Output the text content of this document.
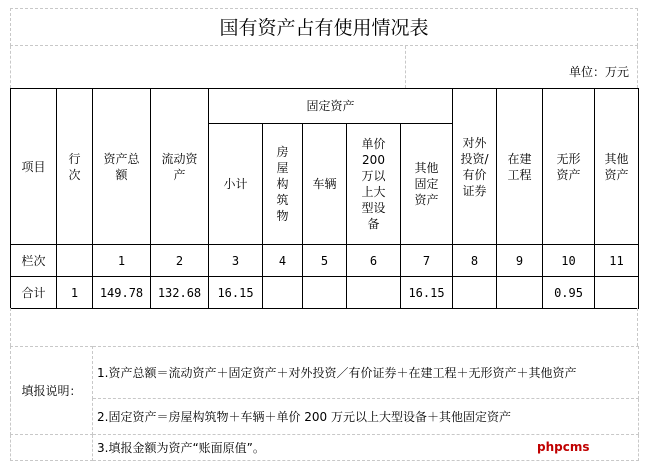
国有资产占有使用情况表
单位：万元
项目	行次	资产总额	流动资产	固定资产					对外投资/有价证券	在建工程	无形资产	其他资产

				小计	房屋构筑物	车辆	单价200万以上大型设备	其他固定资产				

栏次		1	2	3	4	5	6	7	8	9	10	11
合计	1	149.78	132.68	16.15				16.15			0.95	
填报说明：	1.资产总额＝流动资产＋固定资产＋对外投资／有价证券＋在建工程＋无形资产＋其他资产
	2.固定资产＝房屋构筑物＋车辆＋单价 200 万元以上大型设备＋其他固定资产
	3.填报金额为资产“账面原值”。	phpcms
